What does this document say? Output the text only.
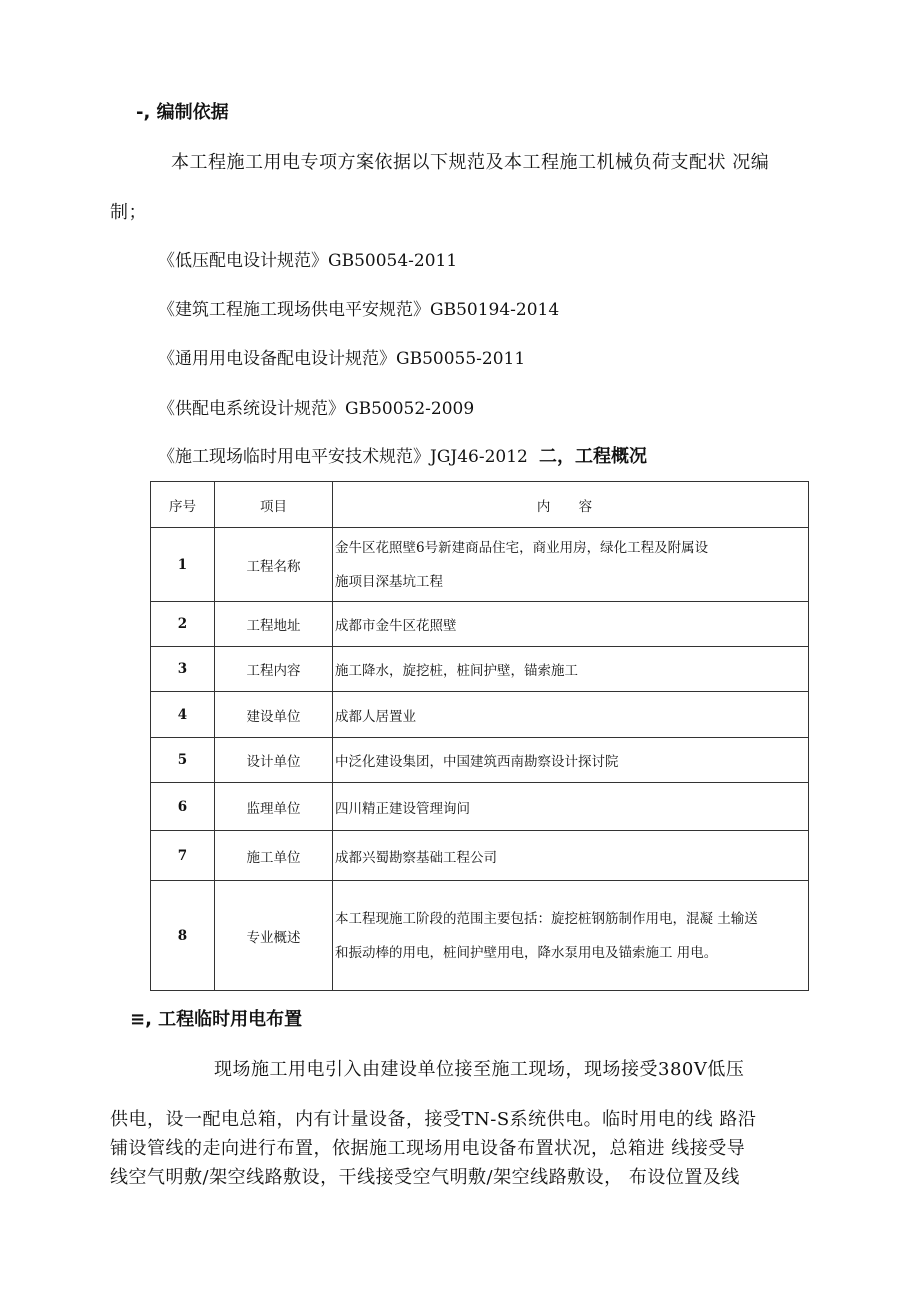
-, 编制依据
本工程施工用电专项方案依据以下规范及本工程施工机械负荷支配状 况编
制；
《低压配电设计规范》GB50054-2011
《建筑工程施工现场供电平安规范》GB50194-2014
《通用用电设备配电设计规范》GB50055-2011
《供配电系统设计规范》GB50052-2009
《施工现场临时用电平安技术规范》JGJ46-2012 二，工程概况
序号	项目	内 容
1	工程名称	金牛区花照壁6号新建商品住宅，商业用房，绿化工程及附属设
施项目深基坑工程

2	工程地址	成都市金牛区花照壁
3	工程内容	施工降水，旋挖桩，桩间护壁，锚索施工
4	建设单位	成都人居置业
5	设计单位	中泛化建设集团，中国建筑西南勘察设计探讨院
6	监理单位	四川精正建设管理询问
7	施工单位	成都兴蜀勘察基础工程公司
8	专业概述	本工程现施工阶段的范围主要包括：旋挖桩钢筋制作用电，混凝 土输送
和振动棒的用电，桩间护壁用电，降水泵用电及锚索施工 用电。
≡, 工程临时用电布置
现场施工用电引入由建设单位接至施工现场，现场接受380V低压
供电，设一配电总箱，内有计量设备，接受TN-S系统供电。临时用电的线 路沿
铺设管线的走向进行布置，依据施工现场用电设备布置状况，总箱进 线接受导
线空气明敷/架空线路敷设，干线接受空气明敷/架空线路敷设， 布设位置及线
